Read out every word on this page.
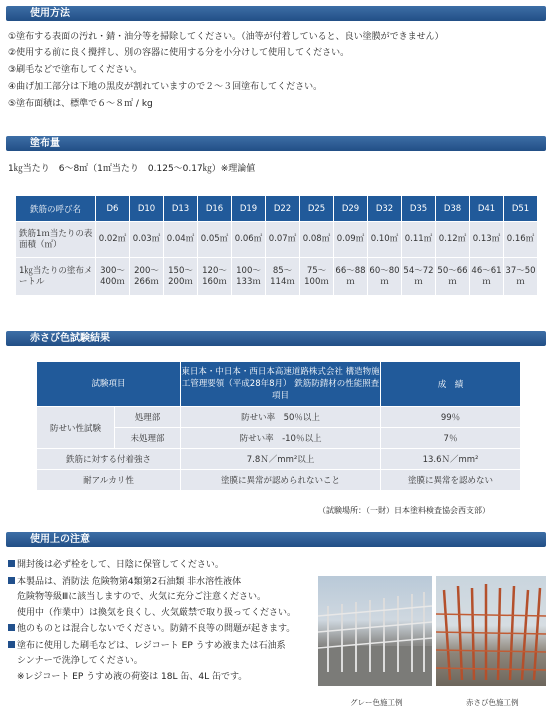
使用方法
①塗布する表面の汚れ・錆・油分等を掃除してください。（油等が付着していると、良い塗膜ができません）
②使用する前に良く攪拌し、別の容器に使用する分を小分けして使用してください。
③刷毛などで塗布してください。
④曲げ加工部分は下地の黒皮が割れていますので２～３回塗布してください。
⑤塗布面積は、標準で６～８㎡ / kg
塗布量
1㎏当たり　6～8㎡（1㎡当たり　0.125～0.17㎏）※理論値
鉄筋の呼び名	D6	D10	D13	D16	D19	D22	D25	D29	D32	D35	D38	D41	D51
鉄筋1ｍ当たりの表面積（㎡）	0.02㎡	0.03㎡	0.04㎡	0.05㎡	0.06㎡	0.07㎡	0.08㎡	0.09㎡	0.10㎡	0.11㎡	0.12㎡	0.13㎡	0.16㎡
1㎏当たりの塗布メートル	300～400ｍ	200～266ｍ	150～200ｍ	120～160ｍ	100～133ｍ	85～114ｍ	75～100ｍ	66～88ｍ	60～80ｍ	54～72ｍ	50～66ｍ	46～61ｍ	37～50ｍ
赤さび色試験結果
試験項目		東日本・中日本・西日本高速道路株式会社 構造物施工管理要領（平成28年8月） 鉄筋防錆材の性能照査項目	成　績
防せい性試験	処理部	防せい率　50％以上	99％
	未処理部	防せい率　-10％以上	7％
鉄筋に対する付着強さ		7.8Ｎ／mm²以上	13.6Ｎ／mm²
耐アルカリ性		塗膜に異常が認められないこと	塗膜に異常を認めない
（試験場所：（一財）日本塗料検査協会西支部）
使用上の注意
開封後は必ず栓をして、日陰に保管してください。
本製品は、消防法 危険物第4類第2石油類 非水溶性液体
危険物等級Ⅲに該当しますので、火気に充分ご注意ください。
使用中（作業中）は換気を良くし、火気厳禁で取り扱ってください。
他のものとは混合しないでください。防錆不良等の問題が起きます。
塗布に使用した刷毛などは、レジコート EP うすめ液または石油系
シンナーで洗浄してください。
※レジコート EP うすめ液の荷姿は 18L 缶、4L 缶です。
グレー色施工例	赤さび色施工例
